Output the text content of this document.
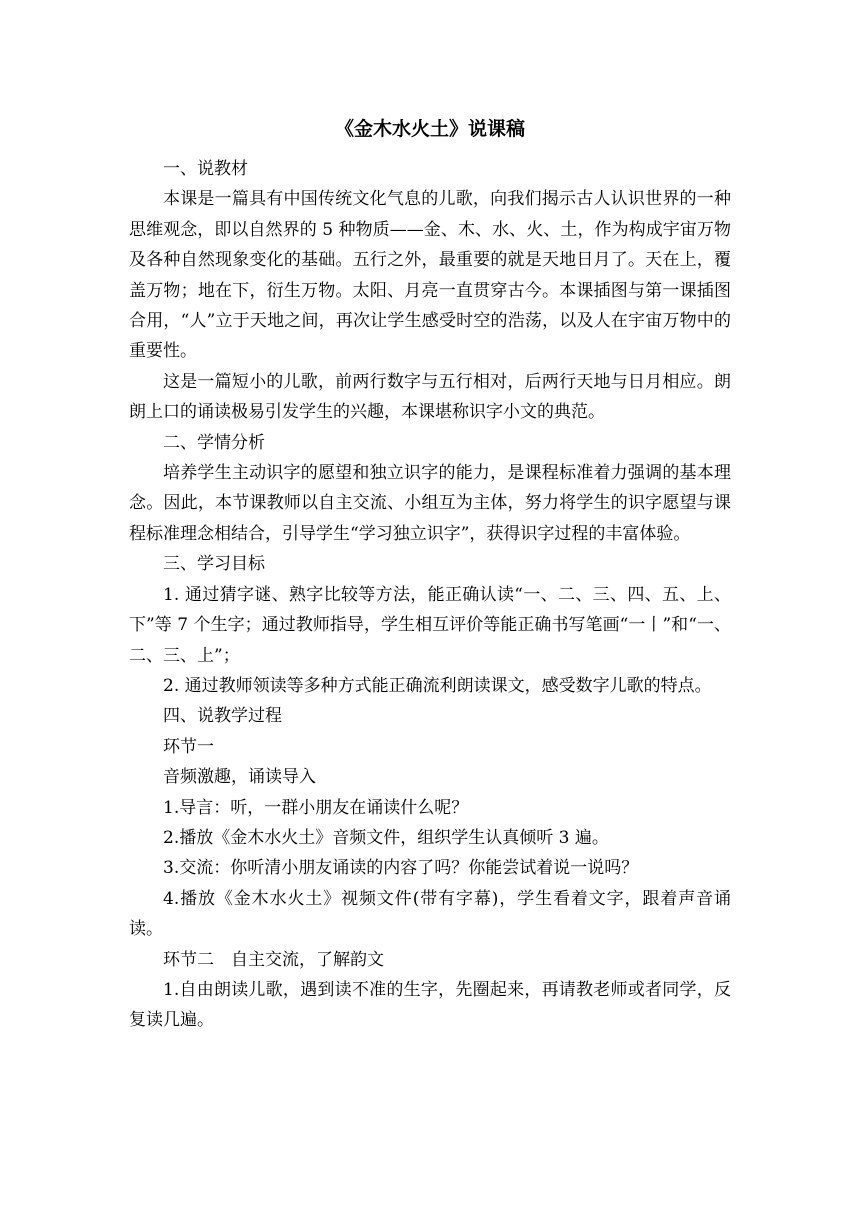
《金木水火土》说课稿

一、说教材

本课是一篇具有中国传统文化气息的儿歌，向我们揭示古人认识世界的一种思维观念，即以自然界的 5 种物质——金、木、水、火、土，作为构成宇宙万物及各种自然现象变化的基础。五行之外，最重要的就是天地日月了。天在上，覆盖万物；地在下，衍生万物。太阳、月亮一直贯穿古今。本课插图与第一课插图合用，“人”立于天地之间，再次让学生感受时空的浩荡，以及人在宇宙万物中的重要性。

这是一篇短小的儿歌，前两行数字与五行相对，后两行天地与日月相应。朗朗上口的诵读极易引发学生的兴趣，本课堪称识字小文的典范。

二、学情分析

培养学生主动识字的愿望和独立识字的能力，是课程标准着力强调的基本理念。因此，本节课教师以自主交流、小组互为主体，努力将学生的识字愿望与课程标准理念相结合，引导学生“学习独立识字”，获得识字过程的丰富体验。

三、学习目标

1. 通过猜字谜、熟字比较等方法，能正确认读“一、二、三、四、五、上、下”等 7 个生字；通过教师指导，学生相互评价等能正确书写笔画“一丨”和“一、二、三、上”；

2. 通过教师领读等多种方式能正确流利朗读课文，感受数字儿歌的特点。

四、说教学过程

环节一

音频激趣，诵读导入

1.导言：听，一群小朋友在诵读什么呢？

2.播放《金木水火土》音频文件，组织学生认真倾听 3 遍。

3.交流：你听清小朋友诵读的内容了吗？你能尝试着说一说吗？

4.播放《金木水火土》视频文件(带有字幕)，学生看着文字，跟着声音诵读。

环节二　自主交流，了解韵文

1.自由朗读儿歌，遇到读不准的生字，先圈起来，再请教老师或者同学，反复读几遍。
